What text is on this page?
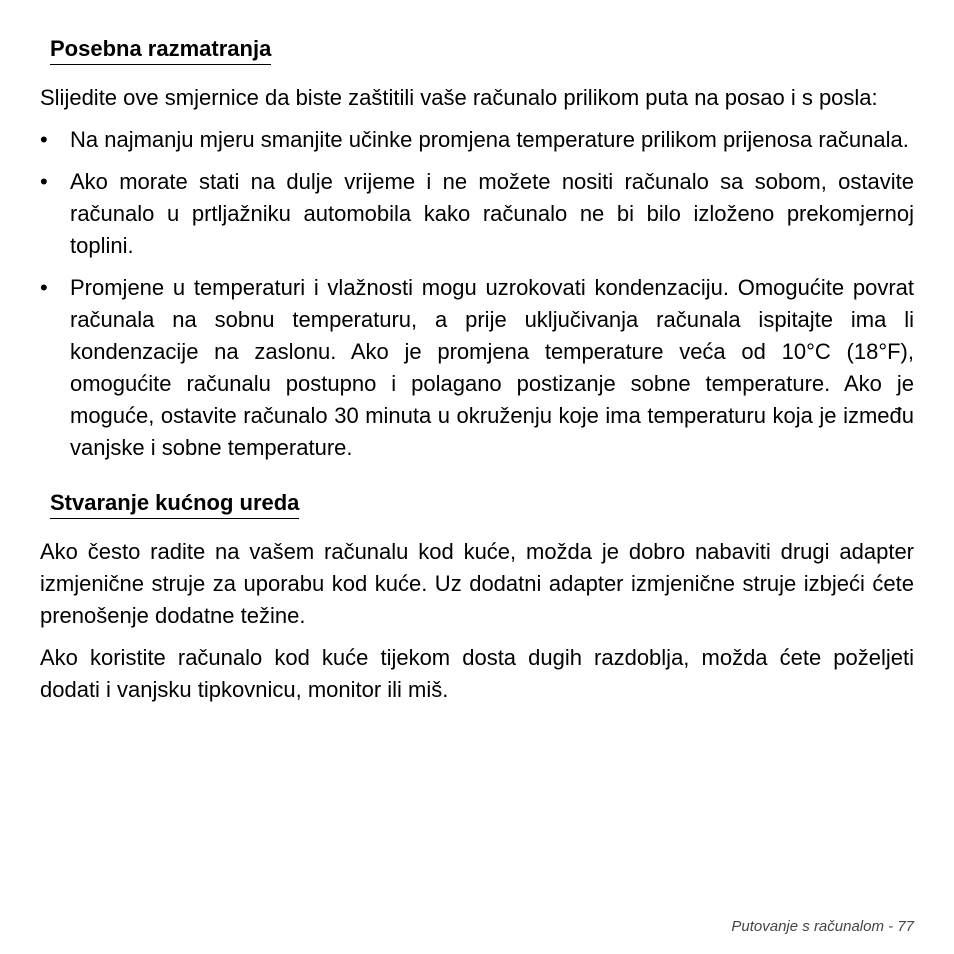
Posebna razmatranja

Slijedite ove smjernice da biste zaštitili vaše računalo prilikom puta na posao i s posla:

•	Na najmanju mjeru smanjite učinke promjena temperature prilikom prijenosa računala.
•	Ako morate stati na dulje vrijeme i ne možete nositi računalo sa sobom, ostavite računalo u prtljažniku automobila kako računalo ne bi bilo izloženo prekomjernoj toplini.
•	Promjene u temperaturi i vlažnosti mogu uzrokovati kondenzaciju. Omogućite povrat računala na sobnu temperaturu, a prije uključivanja računala ispitajte ima li kondenzacije na zaslonu. Ako je promjena temperature veća od 10°C (18°F), omogućite računalu postupno i polagano postizanje sobne temperature. Ako je moguće, ostavite računalo 30 minuta u okruženju koje ima temperaturu koja je između vanjske i sobne temperature.
Stvaranje kućnog ureda

Ako često radite na vašem računalu kod kuće, možda je dobro nabaviti drugi adapter izmjenične struje za uporabu kod kuće. Uz dodatni adapter izmjenične struje izbjeći ćete prenošenje dodatne težine.

Ako koristite računalo kod kuće tijekom dosta dugih razdoblja, možda ćete poželjeti dodati i vanjsku tipkovnicu, monitor ili miš.

Putovanje s računalom - 77
